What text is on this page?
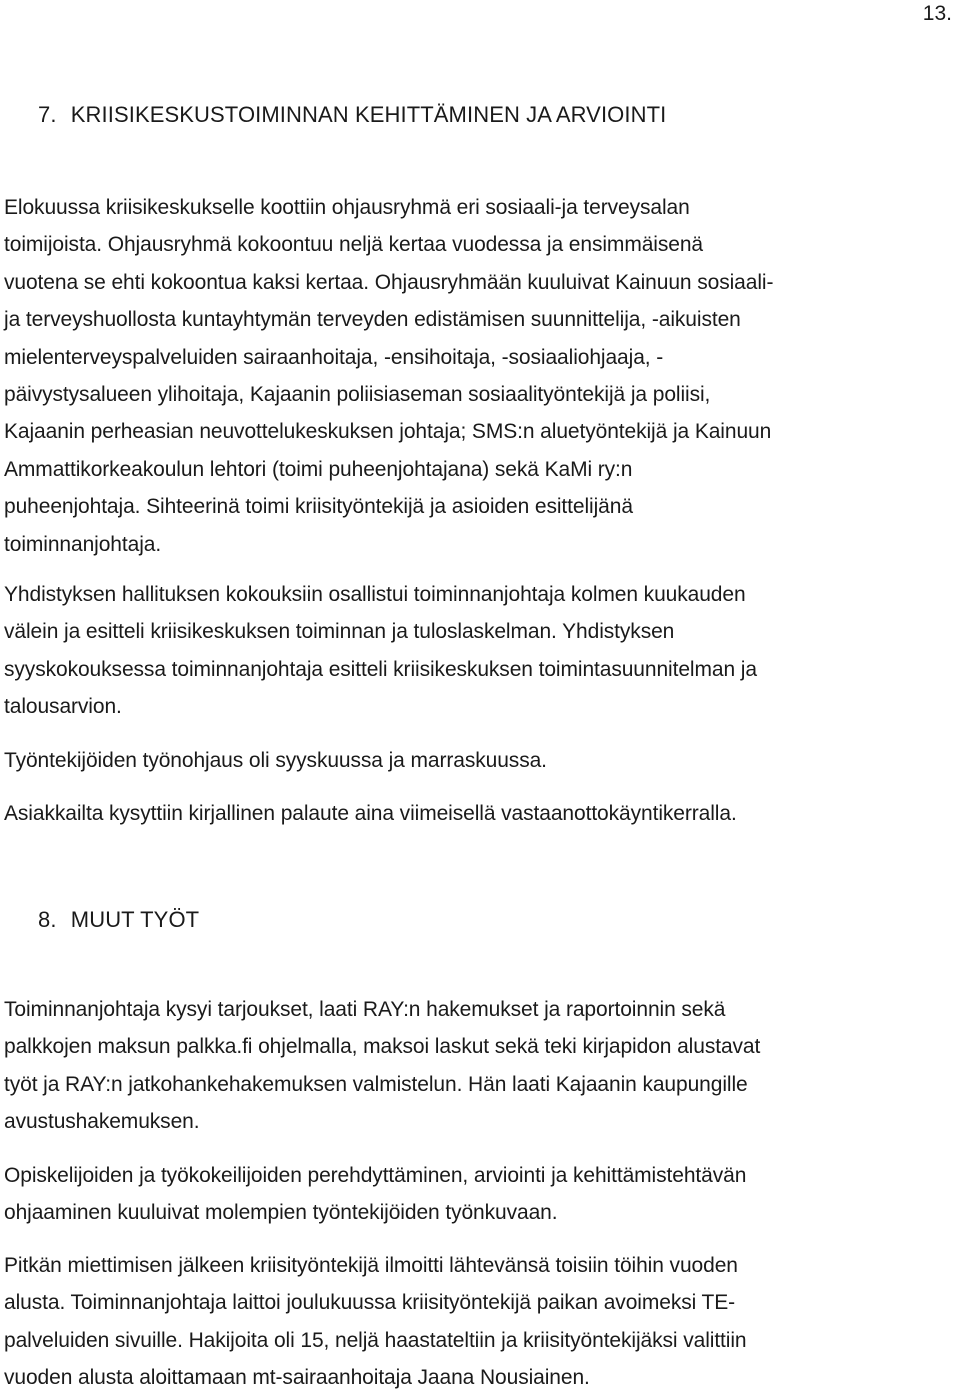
13.
7. KRIISIKESKUSTOIMINNAN KEHITTÄMINEN JA ARVIOINTI
Elokuussa kriisikeskukselle koottiin ohjausryhmä eri sosiaali-ja terveysalan
toimijoista. Ohjausryhmä kokoontuu neljä kertaa vuodessa ja ensimmäisenä
vuotena se ehti kokoontua kaksi kertaa. Ohjausryhmään kuuluivat Kainuun sosiaali-
ja terveyshuollosta kuntayhtymän terveyden edistämisen suunnittelija, -aikuisten
mielenterveyspalveluiden sairaanhoitaja, -ensihoitaja, -sosiaaliohjaaja, -
päivystysalueen ylihoitaja, Kajaanin poliisiaseman sosiaalityöntekijä ja poliisi,
Kajaanin perheasian neuvottelukeskuksen johtaja; SMS:n aluetyöntekijä ja Kainuun
Ammattikorkeakoulun lehtori (toimi puheenjohtajana) sekä KaMi ry:n
puheenjohtaja. Sihteerinä toimi kriisityöntekijä ja asioiden esittelijänä
toiminnanjohtaja.
Yhdistyksen hallituksen kokouksiin osallistui toiminnanjohtaja kolmen kuukauden
välein ja esitteli kriisikeskuksen toiminnan ja tuloslaskelman. Yhdistyksen
syyskokouksessa toiminnanjohtaja esitteli kriisikeskuksen toimintasuunnitelman ja
talousarvion.
Työntekijöiden työnohjaus oli syyskuussa ja marraskuussa.
Asiakkailta kysyttiin kirjallinen palaute aina viimeisellä vastaanottokäyntikerralla.
8. MUUT TYÖT
Toiminnanjohtaja kysyi tarjoukset, laati RAY:n hakemukset ja raportoinnin sekä
palkkojen maksun palkka.fi ohjelmalla, maksoi laskut sekä teki kirjapidon alustavat
työt ja RAY:n jatkohankehakemuksen valmistelun. Hän laati Kajaanin kaupungille
avustushakemuksen.
Opiskelijoiden ja työkokeilijoiden perehdyttäminen, arviointi ja kehittämistehtävän
ohjaaminen kuuluivat molempien työntekijöiden työnkuvaan.
Pitkän miettimisen jälkeen kriisityöntekijä ilmoitti lähtevänsä toisiin töihin vuoden
alusta. Toiminnanjohtaja laittoi joulukuussa kriisityöntekijä paikan avoimeksi TE-
palveluiden sivuille. Hakijoita oli 15, neljä haastateltiin ja kriisityöntekijäksi valittiin
vuoden alusta aloittamaan mt-sairaanhoitaja Jaana Nousiainen.
